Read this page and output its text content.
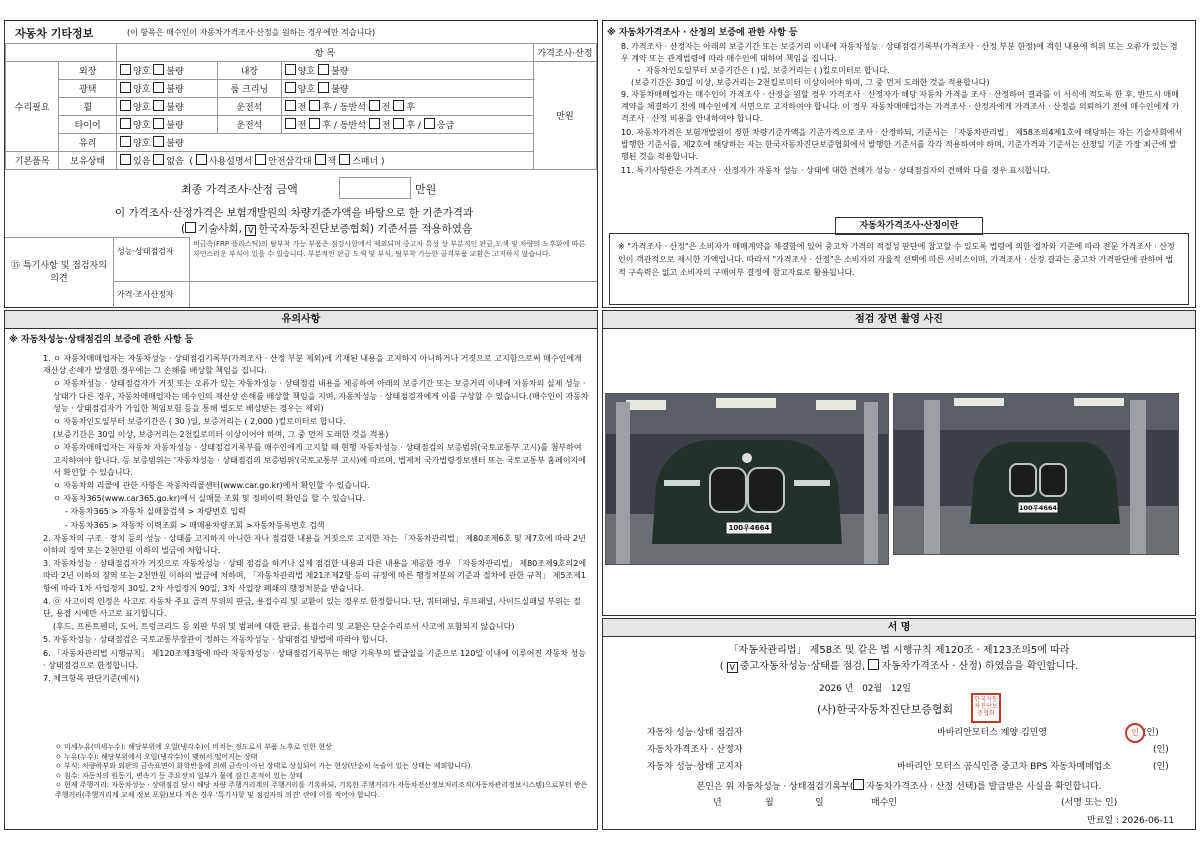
자동차 기타정보	(이 항목은 매수인이 자동차가격조사·산정을 원하는 경우에만 적습니다)
		항 목			가격조사·산정
수리필요	외장	양호 불량	내장	양호 불량	만원
	광택	양호 불량	룸 크리닝	양호 불량	
	휠	양호 불량	운전석	전 후 / 동반석 전 후	
	타이어	양호 불량	운전석	전 후 / 동반석 전 후 / 응급	
	유리	양호 불량			
기본품목	보유상태	있음 없음 ( 사용설명서 안전삼각대 잭 스패너 )			
최종 가격조사·산정 금액	만원
이 가격조사·산정가격은 보험개발원의 차량기준가액을 바탕으로 한 기준가격과
( 기술사회, V 한국자동차진단보증협회) 기준서를 적용하였음
⑮ 특기사항 및 점검자의 의견
성능·상태점검자
비금속(FRP 플라스틱)의 탈부착 가능 부품은 점검사항에서 제외되며 중고차 특성 상 부분적인 판금,도색 및 차량의 노후화에 따른 자연스러운 부식이 있을 수 있습니다. 부분적인 판금 도색 및 부식, 탈부착 가능한 골격부품 교환은 고지하지 않습니다.
가격·조사산정자
※ 자동차가격조사 · 산정의 보증에 관한 사항 등
8. 가격조사 · 산정자는 아래의 보증기간 또는 보증거리 이내에 자동차성능 · 상태점검기록부(가격조사 · 산정 부분 한정)에 적힌 내용에 허위 또는 오류가 있는 경우 계약 또는 관계법령에 따라 매수인에 대하여 책임을 집니다.
・ 자동차인도일부터 보증기간은 ( )일, 보증거리는 ( )킬로미터로 합니다.
(보증기간은 30일 이상, 보증거리는 2천킬로미터 이상이어야 하며, 그 중 먼저 도래한 것을 적용합니다)
9. 자동차매매업자는 매수인이 가격조사 · 산정을 원할 경우 가격조사 · 산정자가 해당 자동차 가격을 조사 · 산정하여 결과를 이 서식에 적도록 한 후, 반드시 매매계약을 체결하기 전에 매수인에게 서면으로 고지하여야 합니다. 이 경우 자동차매매업자는 가격조사 · 산정자에게 가격조사 · 산정을 의뢰하기 전에 매수인에게 가격조사 · 산정 비용을 안내하여야 합니다.
10. 자동차가격은 보험개발원이 정한 차량기준가액을 기준가격으로 조사 · 산정하되, 기준서는 「자동차관리법」 제58조의4제1호에 해당하는 자는 기술사회에서 발행한 기준서를, 제2호에 해당하는 자는 한국자동차진단보증협회에서 발행한 기준서를 각각 적용하여야 하며, 기준가격과 기준서는 산정일 기준 가장 최근에 발행된 것을 적용합니다.
11. 특기사항란은 가격조사 · 산정자가 자동차 성능 · 상태에 대한 견해가 성능 · 상태점검자의 견해와 다를 경우 표시합니다.
자동차가격조사·산정이란
※ "가격조사 · 산정"은 소비자가 매매계약을 체결함에 있어 중고차 가격의 적절성 판단에 참고할 수 있도록 법령에 의한 절차와 기준에 따라 전문 가격조사 · 산정인이 객관적으로 제시한 가액입니다. 따라서 "가격조사 · 산정"은 소비자의 자율적 선택에 따른 서비스이며, 가격조사 · 산정 결과는 중고차 가격판단에 관하여 법적 구속력은 없고 소비자의 구매여부 결정에 참고자료로 활용됩니다.
유의사항
※ 자동차성능·상태점검의 보증에 관한 사항 등

1. ㅇ 자동차매매업자는 자동차성능 · 상태점검기록부(가격조사 · 산정 부분 제외)에 기재된 내용을 고지하지 아니하거나 거짓으로 고지함으로써 매수인에게 재산상 손해가 발생한 경우에는 그 손해를 배상할 책임을 집니다.

ㅇ 자동차성능 · 상태점검자가 거짓 또는 오류가 있는 자동차성능 · 상태점검 내용을 제공하여 아래의 보증기간 또는 보증거리 이내에 자동차의 실제 성능 · 상태가 다른 경우, 자동차매매업자는 매수인의 재산상 손해를 배상할 책임을 지며, 자동차성능 · 상태점검자에게 이를 구상할 수 있습니다.(매수인이 자동차성능 · 상태점검자가 가입한 책임보험 등을 통해 별도로 배상받는 경우는 제외)

ㅇ 자동차인도일부터 보증기간은 ( 30 )일, 보증거리는 ( 2,000 )킬로미터로 합니다.

(보증기간은 30일 이상, 보증거리는 2천킬로미터 이상이어야 하며, 그 중 먼저 도래한 것을 적용)

ㅇ 자동차매매업자는 자동차 자동차성능 · 상태점검기록부를 매수인에게 고지할 때 현행 자동차성능 · 상태점검의 보증범위(국토교통부 고시)를 첨부하여 고지하여야 합니다. 등 보증범위는 '자동차성능 · 상태점검의 보증범위'(국토교통부 고시)에 따르며, 법제처 국가법령정보센터 또는 국토교통부 홈페이지에서 확인할 수 있습니다.

ㅇ 자동차의 리콜에 관한 사항은 자동차리콜센터(www.car.go.kr)에서 확인할 수 있습니다.

ㅇ 자동차365(www.car365.go.kr)에서 실매물 조회 및 정비이력 확인을 할 수 있습니다.

- 자동차365 > 자동차 실매물검색 > 차량번호 입력

- 자동차365 > 자동차 이력조회 > 매매용차량조회 >자동차등록번호 검색

2. 자동차의 구조 · 장치 등의 성능 · 상태를 고지하지 아니한 자나 점검한 내용을 거짓으로 고지한 자는 「자동차관리법」 제80조제6호 및 제7호에 따라 2년 이하의 징역 또는 2천만원 이하의 벌금에 처합니다.

3. 자동차성능 · 상태점검자가 거짓으로 자동차성능 · 상태 점검을 하거나 실제 점검한 내용과 다른 내용을 제공한 경우 「자동차관리법」 제80조제9호의2에 따라 2년 이하의 징역 또는 2천만원 이하의 벌금에 처하며, 「자동차관리법 제21조제2항 등의 규정에 따른 행정처분의 기준과 절차에 관한 규칙」 제5조제1항에 따라 1차 사업정지 30일, 2차 사업정지 90일, 3차 사업장 폐쇄의 행정처분을 받습니다.

4. ㉧ 사고이력 인정은 사고로 자동차 주요 골격 부위의 판금, 용접수리 및 교환이 있는 경우로 한정합니다. 단, 쿼터패널, 루프패널, 사이드실패널 부위는 절단, 용접 시에만 사고로 표기합니다.

(후드, 프론트펜더, 도어, 트렁크리드 등 외판 부위 및 범퍼에 대한 판금, 용접수리 및 교환은 단순수리로서 사고에 포함되지 않습니다)

5. 자동차성능 · 상태점검은 국토교통부장관이 정하는 자동차성능 · 상태점검 방법에 따라야 합니다.

6. 「자동차관리법 시행규칙」 제120조제3항에 따라 자동차성능 · 상태점검기록부는 해당 기록부의 발급일을 기준으로 120일 이내에 이루어진 자동차 성능 · 상태점검으로 한정합니다.

7. 체크항목 판단기준(예시)

ㅇ 미세누유(미세누수): 해당부위에 오일(냉각수)이 비치는 정도로서 부품 노후로 인한 현상
ㅇ 누유(누수): 해당부위에서 오일(냉각수)이 맺혀서 떨어지는 상태
ㅇ 부식: 차량하부와 외판의 금속표면이 화학반응에 의해 금속이 아닌 상태로 상실되어 가는 현상(단순히 녹슬어 있는 상태는 제외합니다)
ㅇ 침수: 자동차의 원동기, 변속기 등 주요장치 일부가 물에 잠긴 흔적이 있는 상태
ㅇ 현재 주행거리: 자동차성능 · 상태점검 당시 해당 차량 주행거리계의 주행거리를 기록하되, 기록한 주행거리가 자동차전산정보처리조직(자동차관리정보시스템)으로부터 받은 주행거리(주행거리계 교체 정보 포함)보다 적은 경우 '특기사항 및 점검자의 의견' 란에 이를 적어야 합니다.
점검 장면 촬영 사진
100우4664
100우4664
서 명
「자동차관리법」 제58조 및 같은 법 시행규칙 제120조 · 제123조의5에 따라
( V 중고자동차성능·상태를 점검, 자동차가격조사 · 산정) 하였음을 확인합니다.
2026 년 02월 12일
(사)한국자동차진단보증협회
한국자동차진단보증협회
자동차 성능·상태 점검자	바바리안모터스 계양 김민영	(인)
자동차가격조사 · 산정자	(인)
자동차 성능·상태 고지자	바바리안 모터스 공식인증 중고차 BPS 자동차매매업소	(인)
인
본인은 위 자동차성능 · 상태점검기록부( 자동차가격조사 · 산정 선택)를 발급받은 사실을 확인합니다.
년	월	일	매수인	(서명 또는 인)
만료일 : 2026-06-11
